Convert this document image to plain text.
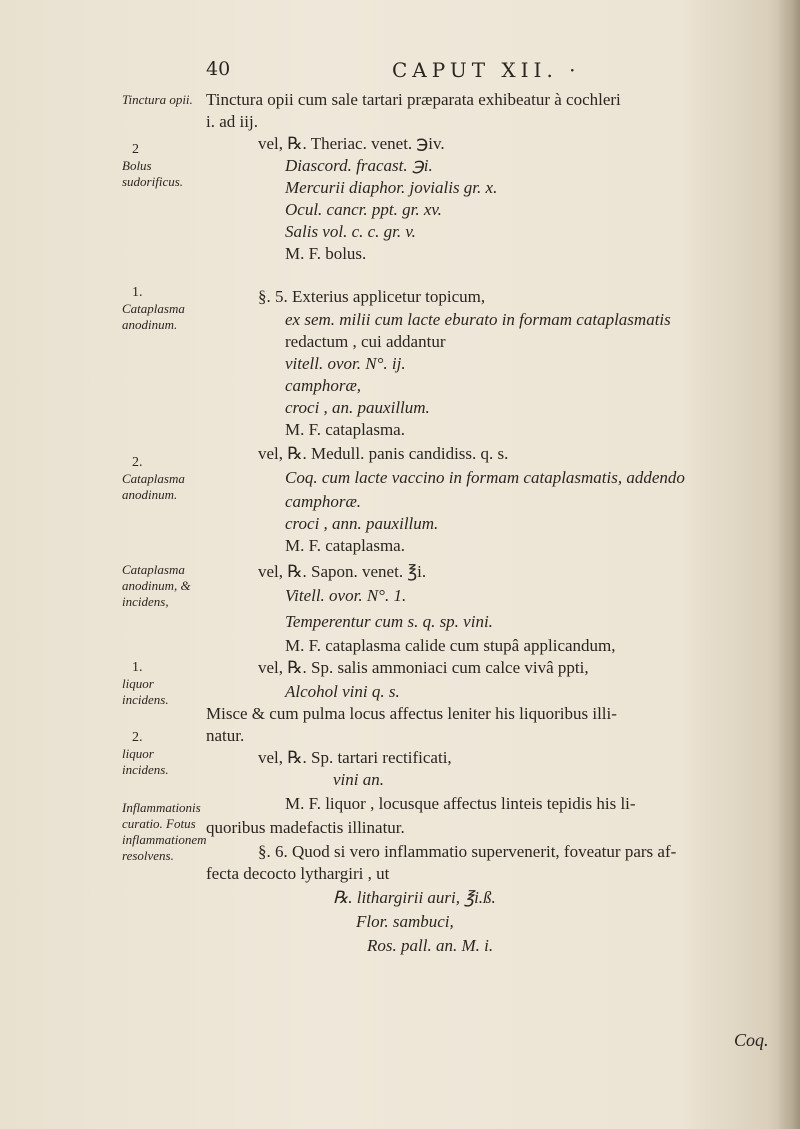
40	CAPUT XII. ·
Tinctura opii.
2
Bolus sudorificus.
1.
Cataplasma anodinum.
2.
Cataplasma anodinum.
Cataplasma anodinum, & incidens,
1.
liquor incidens.
2.
liquor incidens.
Inflammationis curatio. Fotus inflammationem resolvens.
Tinctura opii cum sale tartari præparata exhibeatur à cochleri
i. ad iij.
vel, ℞. Theriac. venet. ℈iv.
Diascord. fracast. ℈i.
Mercurii diaphor. jovialis gr. x.
Ocul. cancr. ppt. gr. xv.
Salis vol. c. c. gr. v.
M. F. bolus.
§. 5. Exterius applicetur topicum,
ex sem. milii cum lacte eburato in formam cataplasmatis
redactum , cui addantur
vitell. ovor. N°. ij.
camphoræ,
croci , an. pauxillum.
M. F. cataplasma.
vel, ℞. Medull. panis candidiss. q. s.
Coq. cum lacte vaccino in formam cataplasmatis, addendo
camphoræ.
croci , ann. pauxillum.
M. F. cataplasma.
vel, ℞. Sapon. venet. ℥i.
Vitell. ovor. N°. 1.
Temperentur cum s. q. sp. vini.
M. F. cataplasma calide cum stupâ applicandum,
vel, ℞. Sp. salis ammoniaci cum calce vivâ ppti,
Alcohol vini q. s.
Misce & cum pulma locus affectus leniter his liquoribus illi-
natur.
vel, ℞. Sp. tartari rectificati,
vini an.
M. F. liquor , locusque affectus linteis tepidis his li-
quoribus madefactis illinatur.
§. 6. Quod si vero inflammatio supervenerit, foveatur pars af-
fecta decocto lythargiri , ut
℞. lithargirii auri, ℥i.ß.
Flor. sambuci,
Ros. pall. an. M. i.
Coq.
